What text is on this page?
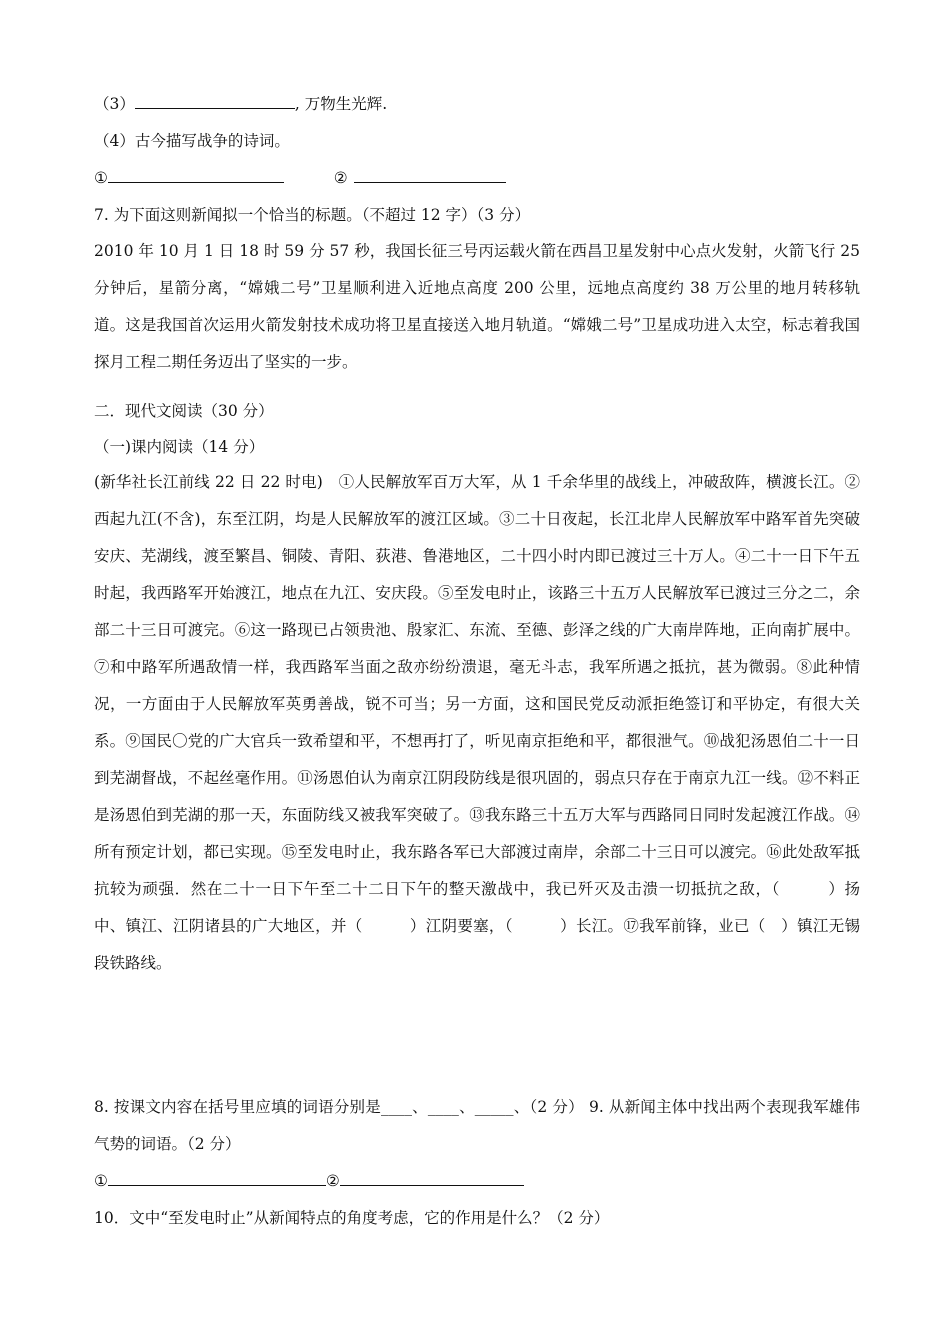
（3）	, 万物生光辉.
（4）古今描写战争的诗词。
①	②
7. 为下面这则新闻拟一个恰当的标题。（不超过 12 字）（3 分）
2010 年 10 月 1 日 18 时 59 分 57 秒，我国长征三号丙运载火箭在西昌卫星发射中心点火发射，火箭飞行 25 分钟后，星箭分离，“嫦娥二号”卫星顺利进入近地点高度 200 公里，远地点高度约 38 万公里的地月转移轨道。这是我国首次运用火箭发射技术成功将卫星直接送入地月轨道。“嫦娥二号”卫星成功进入太空，标志着我国探月工程二期任务迈出了坚实的一步。
二．现代文阅读（30 分）
（一)课内阅读（14 分）
(新华社长江前线 22 日 22 时电)　①人民解放军百万大军，从 1 千余华里的战线上，冲破敌阵，横渡长江。②西起九江(不含)，东至江阴，均是人民解放军的渡江区域。③二十日夜起，长江北岸人民解放军中路军首先突破安庆、芜湖线，渡至繁昌、铜陵、青阳、荻港、鲁港地区，二十四小时内即已渡过三十万人。④二十一日下午五时起，我西路军开始渡江，地点在九江、安庆段。⑤至发电时止，该路三十五万人民解放军已渡过三分之二，余部二十三日可渡完。⑥这一路现已占领贵池、殷家汇、东流、至德、彭泽之线的广大南岸阵地，正向南扩展中。⑦和中路军所遇敌情一样，我西路军当面之敌亦纷纷溃退，毫无斗志，我军所遇之抵抗，甚为微弱。⑧此种情况，一方面由于人民解放军英勇善战，锐不可当；另一方面，这和国民党反动派拒绝签订和平协定，有很大关系。⑨国民〇党的广大官兵一致希望和平，不想再打了，听见南京拒绝和平，都很泄气。⑩战犯汤恩伯二十一日到芜湖督战，不起丝毫作用。⑪汤恩伯认为南京江阴段防线是很巩固的，弱点只存在于南京九江一线。⑫不料正是汤恩伯到芜湖的那一天，东面防线又被我军突破了。⑬我东路三十五万大军与西路同日同时发起渡江作战。⑭所有预定计划，都已实现。⑮至发电时止，我东路各军已大部渡过南岸，余部二十三日可以渡完。⑯此处敌军抵抗较为顽强．然在二十一日下午至二十二日下午的整天激战中，我已歼灭及击溃一切抵抗之敌，（　　　）扬中、镇江、江阴诸县的广大地区，并（　　　）江阴要塞，（　　　）长江。⑰我军前锋，业已（　）镇江无锡段铁路线。
8. 按课文内容在括号里应填的词语分别是____、____、_____、（2 分） 9. 从新闻主体中找出两个表现我军雄伟气势的词语。（2 分）
①	②
10．文中“至发电时止”从新闻特点的角度考虑，它的作用是什么？（2 分）
